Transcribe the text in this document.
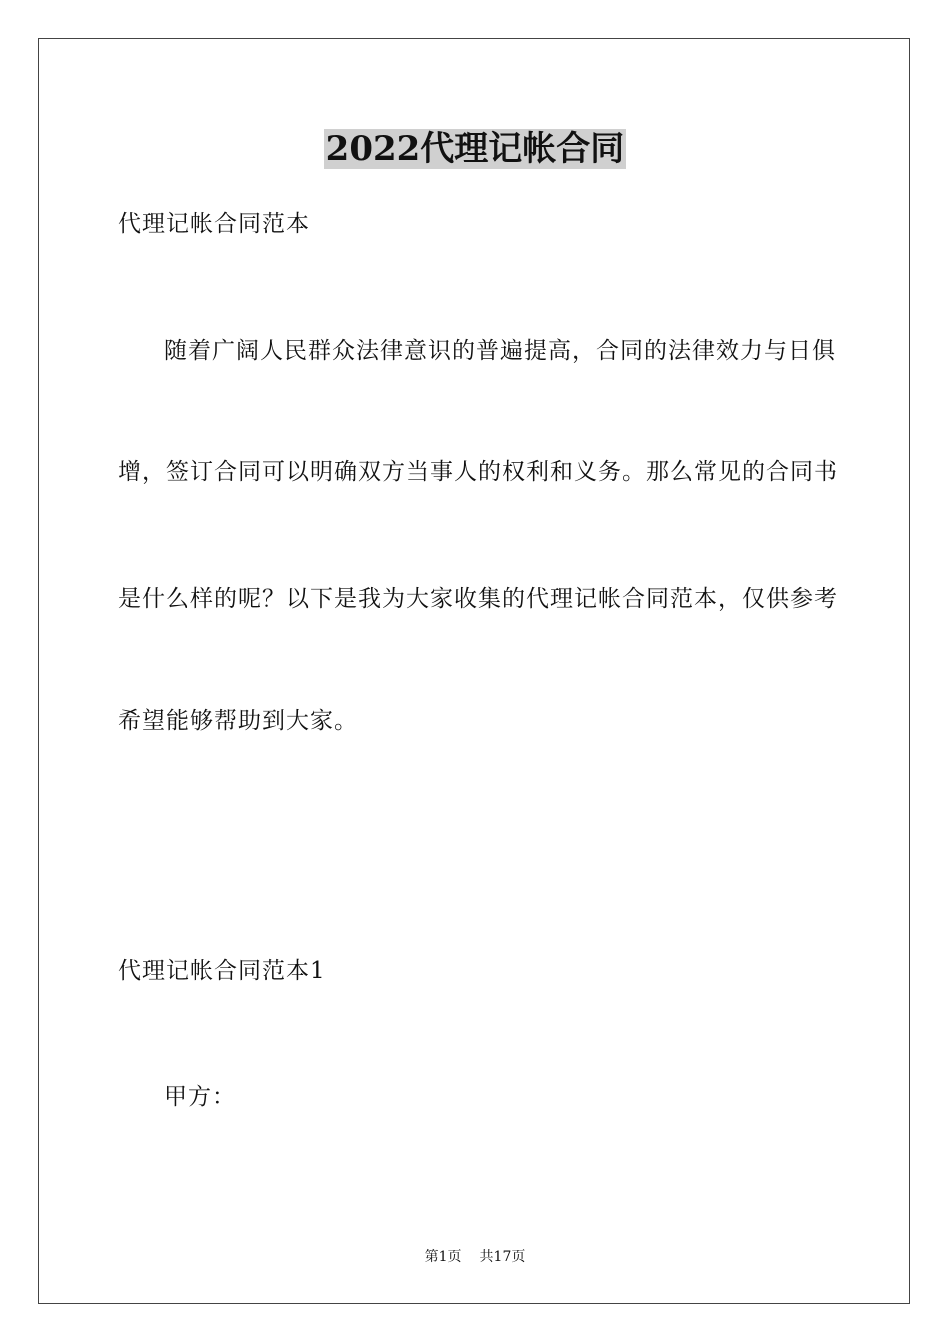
2022代理记帐合同
代理记帐合同范本
随着广阔人民群众法律意识的普遍提高，合同的法律效力与日俱
增，签订合同可以明确双方当事人的权利和义务。那么常见的合同书
是什么样的呢？以下是我为大家收集的代理记帐合同范本，仅供参考
希望能够帮助到大家。
代理记帐合同范本1
甲方：
第1页 共17页
